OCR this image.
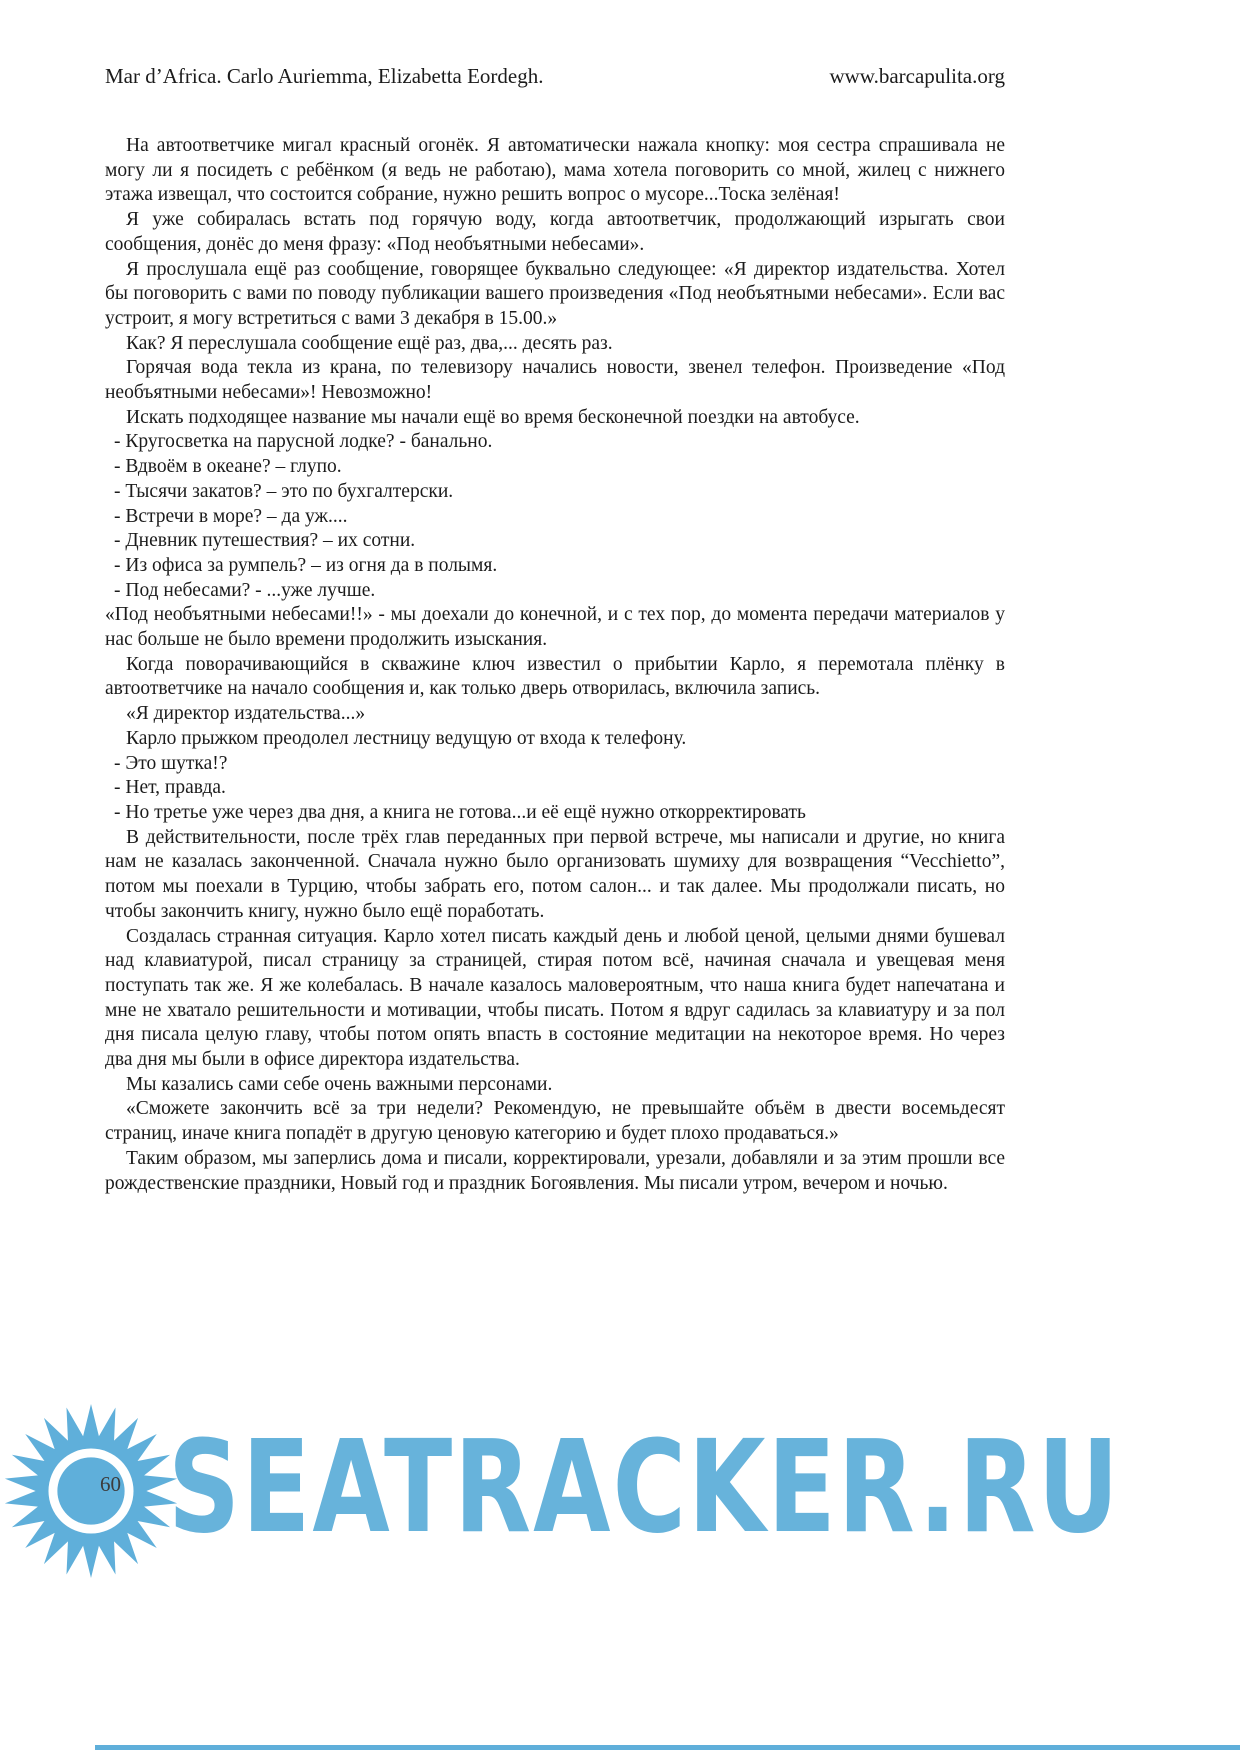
Mar d’Africa. Carlo Auriemma, Elizabetta Eordegh.	www.barcapulita.org

На автоответчике мигал красный огонёк. Я автоматически нажала кнопку: моя сестра спрашивала не могу ли я посидеть с ребёнком (я ведь не работаю), мама хотела поговорить со мной, жилец с нижнего этажа извещал, что состоится собрание, нужно решить вопрос о мусоре...Тоска зелёная!

Я уже собиралась встать под горячую воду, когда автоответчик, продолжающий изрыгать свои сообщения, донёс до меня фразу: «Под необъятными небесами».

Я прослушала ещё раз сообщение, говорящее буквально следующее: «Я директор издательства. Хотел бы поговорить с вами по поводу публикации вашего произведения «Под необъятными небесами». Если вас устроит, я могу встретиться с вами 3 декабря в 15.00.»

Как? Я переслушала сообщение ещё раз, два,... десять раз.

Горячая вода текла из крана, по телевизору начались новости, звенел телефон. Произведение «Под необъятными небесами»! Невозможно!

Искать подходящее название мы начали ещё во время бесконечной поездки на автобусе.

- Кругосветка на парусной лодке? - банально.

- Вдвоём в океане? – глупо.

- Тысячи закатов? – это по бухгалтерски.

- Встречи в море? – да уж....

- Дневник путешествия? – их сотни.

- Из офиса за румпель? – из огня да в полымя.

- Под небесами? - ...уже лучше.

«Под необъятными небесами!!» - мы доехали до конечной, и с тех пор, до момента передачи материалов у нас больше не было времени продолжить изыскания.

Когда поворачивающийся в скважине ключ известил о прибытии Карло, я перемотала плёнку в автоответчике на начало сообщения и, как только дверь отворилась, включила запись.

«Я директор издательства...»

Карло прыжком преодолел лестницу ведущую от входа к телефону.

- Это шутка!?

- Нет, правда.

- Но третье уже через два дня, а книга не готова...и её ещё нужно откорректировать

В действительности, после трёх глав переданных при первой встрече, мы написали и другие, но книга нам не казалась законченной. Сначала нужно было организовать шумиху для возвращения “Vecchietto”, потом мы поехали в Турцию, чтобы забрать его, потом салон... и так далее. Мы продолжали писать, но чтобы закончить книгу, нужно было ещё поработать.

Создалась странная ситуация. Карло хотел писать каждый день и любой ценой, целыми днями бушевал над клавиатурой, писал страницу за страницей, стирая потом всё, начиная сначала и увещевая меня поступать так же. Я же колебалась. В начале казалось маловероятным, что наша книга будет напечатана и мне не хватало решительности и мотивации, чтобы писать. Потом я вдруг садилась за клавиатуру и за пол дня писала целую главу, чтобы потом опять впасть в состояние медитации на некоторое время. Но через два дня мы были в офисе директора издательства.

Мы казались сами себе очень важными персонами.

«Сможете закончить всё за три недели? Рекомендую, не превышайте объём в двести восемьдесят страниц, иначе книга попадёт в другую ценовую категорию и будет плохо продаваться.»

Таким образом, мы заперлись дома и писали, корректировали, урезали, добавляли и за этим прошли все рождественские праздники, Новый год и праздник Богоявления. Мы писали утром, вечером и ночью.

60 SEATRACKER.RU
